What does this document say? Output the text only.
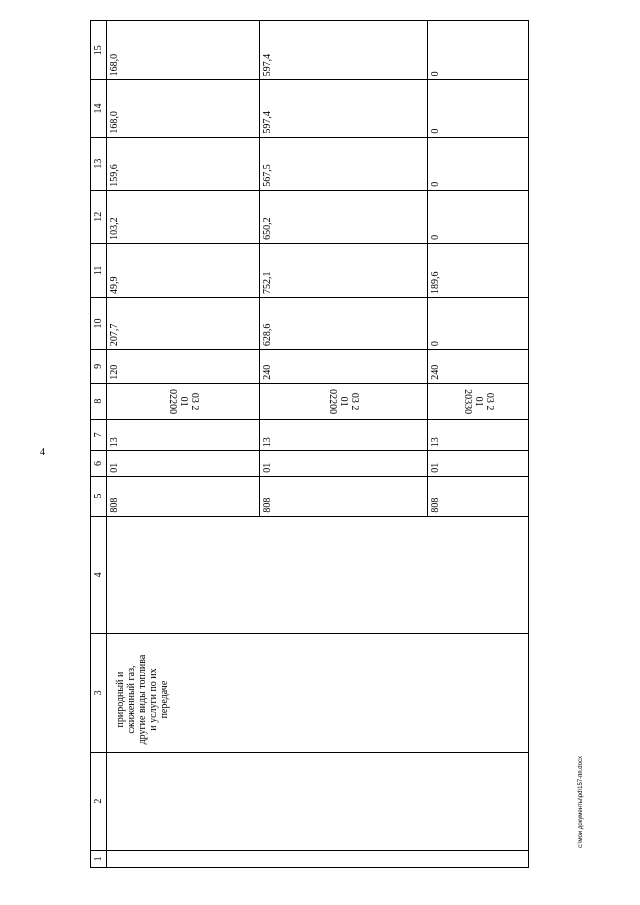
4
1	2	3	4	5	6	7	8	9	10	11	12	13	14	15

		природный и сжиженный газ, другие виды топлива и услуги по их передаче		808	01	13	03 2 01 02200	120	207,7	49,9	103,2	159,6	168,0	168,0
				808	01	13	03 2 01 02200	240	628,6	752,1	650,2	567,5	597,4	597,4
				808	01	13	03 2 01 20330	240	0	189,6	0	0	0	0
c:\мои документы\pd\157-пп.docx
